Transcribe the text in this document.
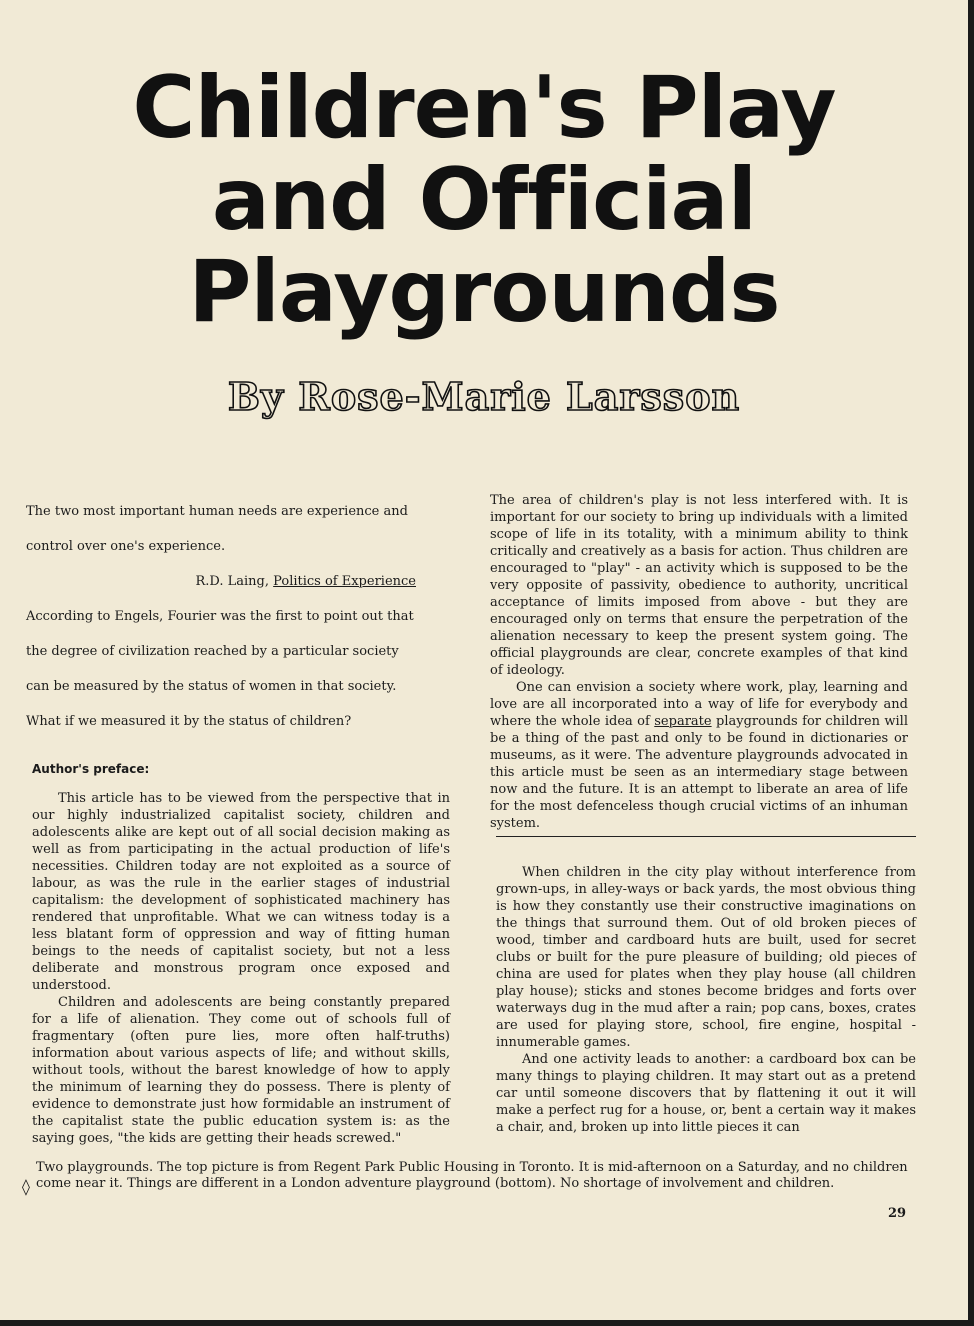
Children's Play
and Official
Playgrounds
By Rose-Marie Larsson

The two most important human needs are experience and

control over one's experience.

R.D. Laing, Politics of Experience

According to Engels, Fourier was the first to point out that

the degree of civilization reached by a particular society

can be measured by the status of women in that society.

What if we measured it by the status of children?

Author's preface:

This article has to be viewed from the perspective that in our highly industrialized capitalist society, children and adolescents alike are kept out of all social decision making as well as from participating in the actual production of life's necessities. Children today are not exploited as a source of labour, as was the rule in the earlier stages of industrial capitalism: the development of sophisticated machinery has rendered that unprofitable. What we can witness today is a less blatant form of oppression and way of fitting human beings to the needs of capitalist society, but not a less deliberate and monstrous program once exposed and understood.

Children and adolescents are being constantly prepared for a life of alienation. They come out of schools full of fragmentary (often pure lies, more often half-truths) information about various aspects of life; and without skills, without tools, without the barest knowledge of how to apply the minimum of learning they do possess. There is plenty of evidence to demonstrate just how formidable an instrument of the capitalist state the public education system is: as the saying goes, "the kids are getting their heads screwed."

The area of children's play is not less interfered with. It is important for our society to bring up individuals with a limited scope of life in its totality, with a minimum ability to think critically and creatively as a basis for action. Thus children are encouraged to "play" - an activity which is supposed to be the very opposite of passivity, obedience to authority, uncritical acceptance of limits imposed from above - but they are encouraged only on terms that ensure the perpetration of the alienation necessary to keep the present system going. The official playgrounds are clear, concrete examples of that kind of ideology.

One can envision a society where work, play, learning and love are all incorporated into a way of life for everybody and where the whole idea of separate playgrounds for children will be a thing of the past and only to be found in dictionaries or museums, as it were. The adventure playgrounds advocated in this article must be seen as an intermediary stage between now and the future. It is an attempt to liberate an area of life for the most defenceless though crucial victims of an inhuman system.

When children in the city play without interference from grown-ups, in alley-ways or back yards, the most obvious thing is how they constantly use their constructive imaginations on the things that surround them. Out of old broken pieces of wood, timber and cardboard huts are built, used for secret clubs or built for the pure pleasure of building; old pieces of china are used for plates when they play house (all children play house); sticks and stones become bridges and forts over waterways dug in the mud after a rain; pop cans, boxes, crates are used for playing store, school, fire engine, hospital - innumerable games.

And one activity leads to another: a cardboard box can be many things to playing children. It may start out as a pretend car until someone discovers that by flattening it out it will make a perfect rug for a house, or, bent a certain way it makes a chair, and, broken up into little pieces it can

◊
Two playgrounds. The top picture is from Regent Park Public Housing in Toronto. It is mid-afternoon on a Saturday, and no children come near it. Things are different in a London adventure playground (bottom). No shortage of involvement and children.
29
